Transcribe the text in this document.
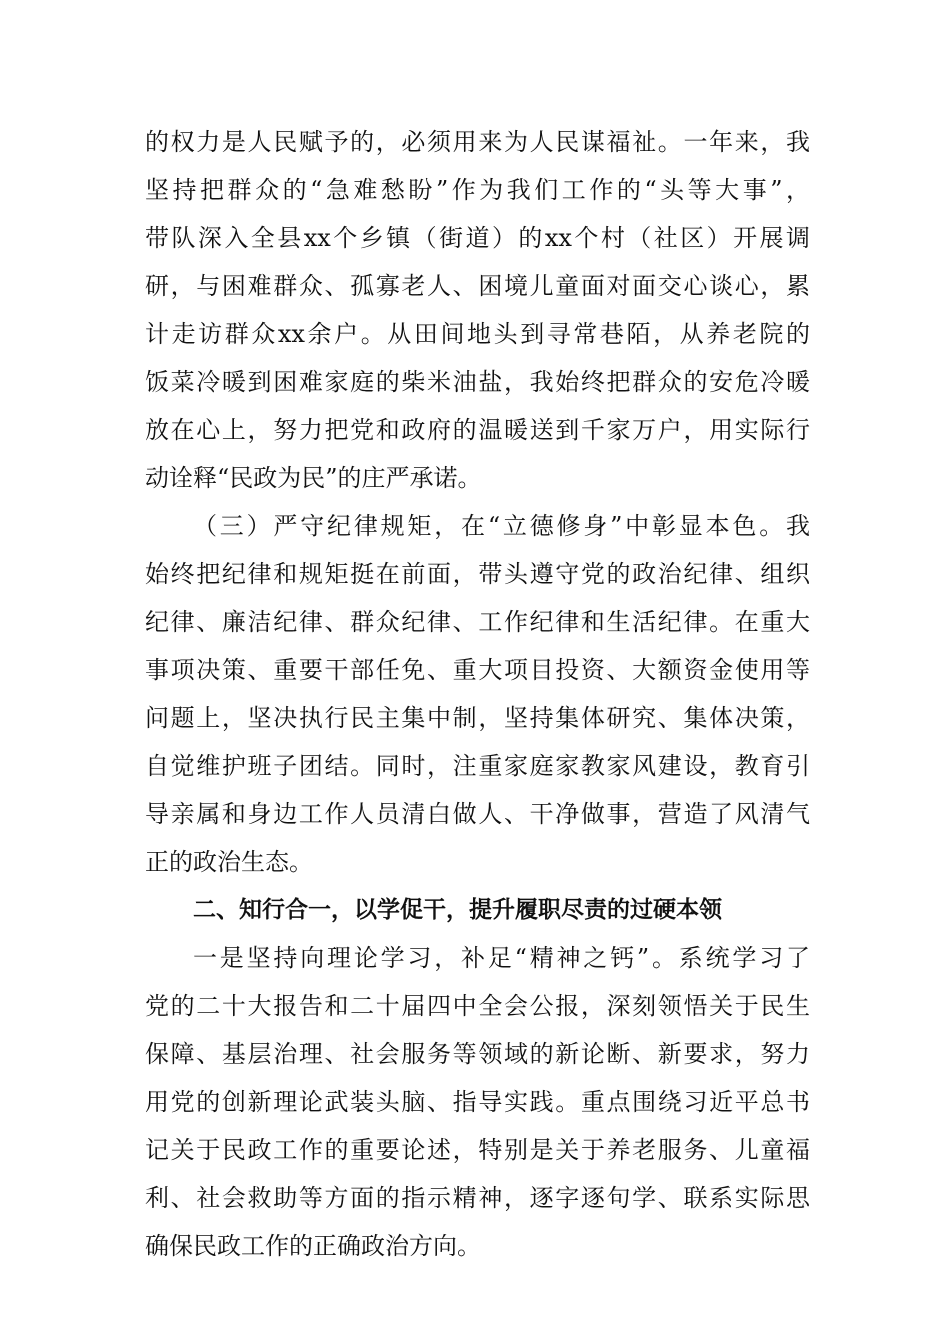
的权力是人民赋予的，必须用来为人民谋福祉。一年来，我
坚持把群众的“急难愁盼”作为我们工作的“头等大事”，
带队深入全县xx个乡镇（街道）的xx个村（社区）开展调
研，与困难群众、孤寡老人、困境儿童面对面交心谈心，累
计走访群众xx余户。从田间地头到寻常巷陌，从养老院的
饭菜冷暖到困难家庭的柴米油盐，我始终把群众的安危冷暖
放在心上，努力把党和政府的温暖送到千家万户，用实际行
动诠释“民政为民”的庄严承诺。
（三）严守纪律规矩，在“立德修身”中彰显本色。我
始终把纪律和规矩挺在前面，带头遵守党的政治纪律、组织
纪律、廉洁纪律、群众纪律、工作纪律和生活纪律。在重大
事项决策、重要干部任免、重大项目投资、大额资金使用等
问题上，坚决执行民主集中制，坚持集体研究、集体决策，
自觉维护班子团结。同时，注重家庭家教家风建设，教育引
导亲属和身边工作人员清白做人、干净做事，营造了风清气
正的政治生态。
二、知行合一，以学促干，提升履职尽责的过硬本领
一是坚持向理论学习，补足“精神之钙”。系统学习了
党的二十大报告和二十届四中全会公报，深刻领悟关于民生
保障、基层治理、社会服务等领域的新论断、新要求，努力
用党的创新理论武装头脑、指导实践。重点围绕习近平总书
记关于民政工作的重要论述，特别是关于养老服务、儿童福
利、社会救助等方面的指示精神，逐字逐句学、联系实际思
确保民政工作的正确政治方向。
